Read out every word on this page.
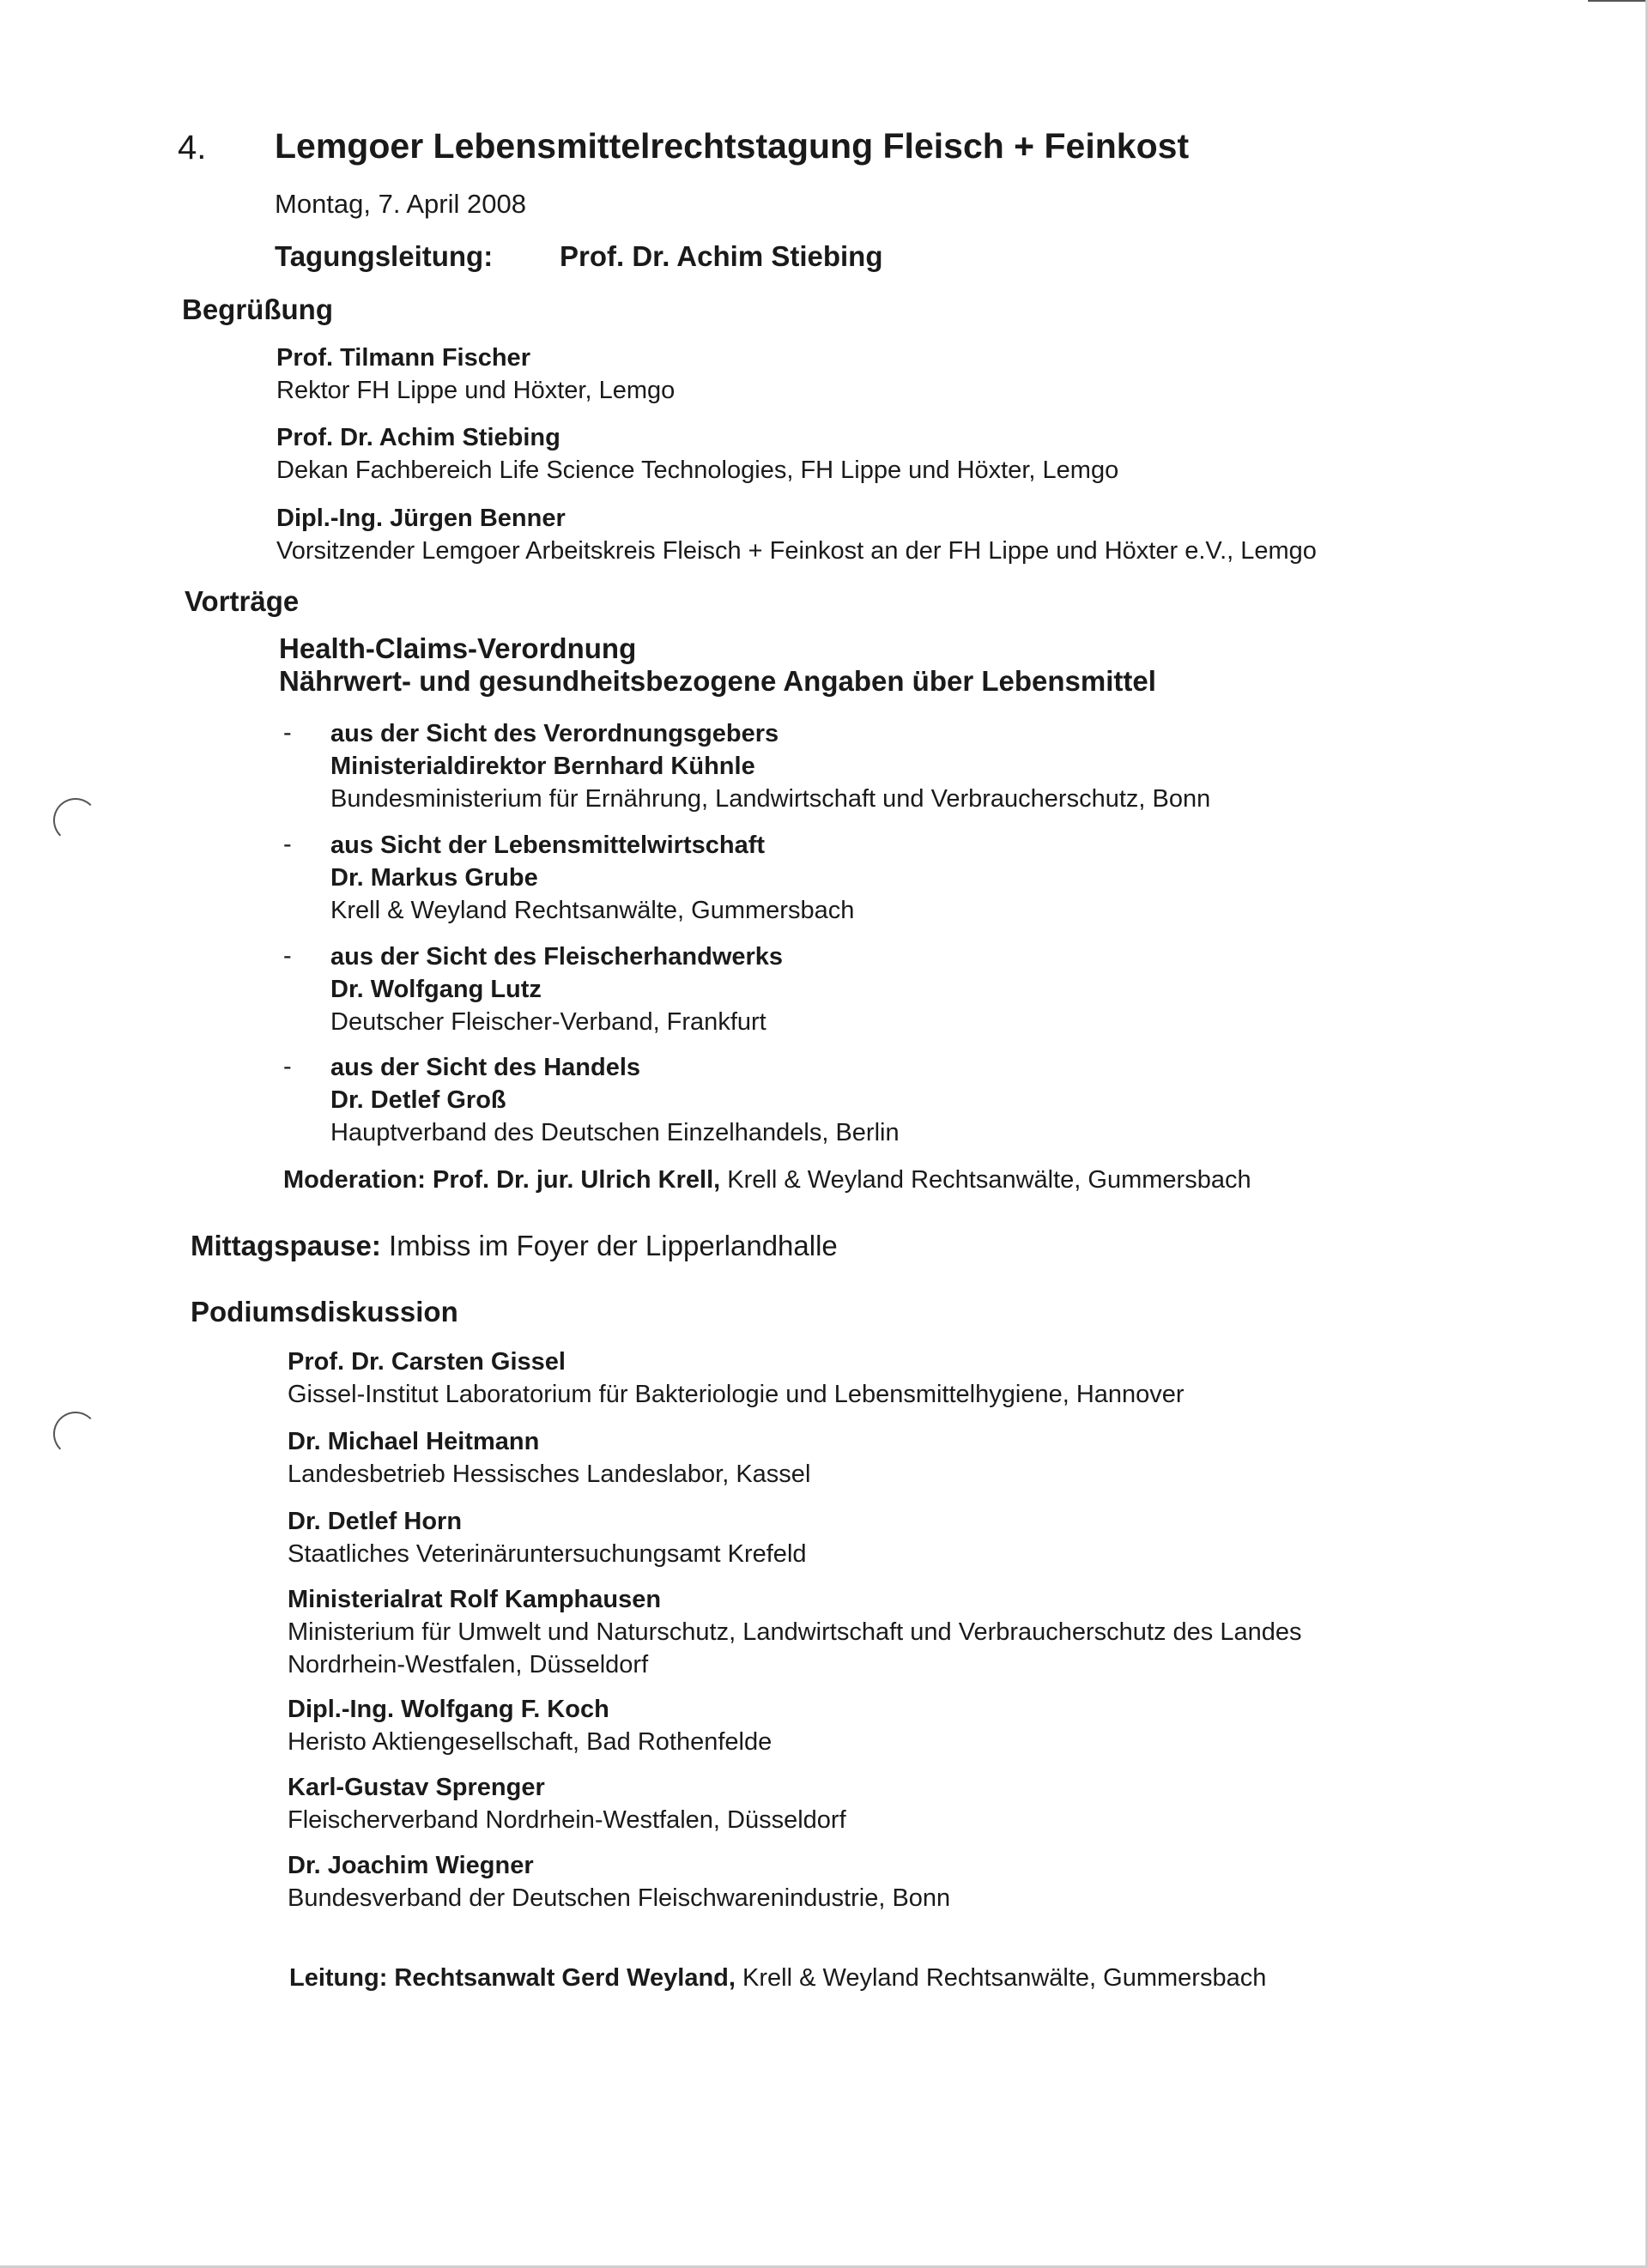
4. Lemgoer Lebensmittelrechtstagung Fleisch + Feinkost
Montag, 7. April 2008
Tagungsleitung: Prof. Dr. Achim Stiebing
Begrüßung
Prof. Tilmann Fischer
Rektor FH Lippe und Höxter, Lemgo
Prof. Dr. Achim Stiebing
Dekan Fachbereich Life Science Technologies, FH Lippe und Höxter, Lemgo
Dipl.-Ing. Jürgen Benner
Vorsitzender Lemgoer Arbeitskreis Fleisch + Feinkost an der FH Lippe und Höxter e.V., Lemgo
Vorträge
Health-Claims-Verordnung
Nährwert- und gesundheitsbezogene Angaben über Lebensmittel
- aus der Sicht des Verordnungsgebers
Ministerialdirektor Bernhard Kühnle
Bundesministerium für Ernährung, Landwirtschaft und Verbraucherschutz, Bonn
- aus Sicht der Lebensmittelwirtschaft
Dr. Markus Grube
Krell & Weyland Rechtsanwälte, Gummersbach
- aus der Sicht des Fleischerhandwerks
Dr. Wolfgang Lutz
Deutscher Fleischer-Verband, Frankfurt
- aus der Sicht des Handels
Dr. Detlef Groß
Hauptverband des Deutschen Einzelhandels, Berlin
Moderation: Prof. Dr. jur. Ulrich Krell, Krell & Weyland Rechtsanwälte, Gummersbach
Mittagspause: Imbiss im Foyer der Lipperlandhalle
Podiumsdiskussion
Prof. Dr. Carsten Gissel
Gissel-Institut Laboratorium für Bakteriologie und Lebensmittelhygiene, Hannover
Dr. Michael Heitmann
Landesbetrieb Hessisches Landeslabor, Kassel
Dr. Detlef Horn
Staatliches Veterinäruntersuchungsamt Krefeld
Ministerialrat Rolf Kamphausen
Ministerium für Umwelt und Naturschutz, Landwirtschaft und Verbraucherschutz des Landes
Nordrhein-Westfalen, Düsseldorf
Dipl.-Ing. Wolfgang F. Koch
Heristo Aktiengesellschaft, Bad Rothenfelde
Karl-Gustav Sprenger
Fleischerverband Nordrhein-Westfalen, Düsseldorf
Dr. Joachim Wiegner
Bundesverband der Deutschen Fleischwarenindustrie, Bonn
Leitung: Rechtsanwalt Gerd Weyland, Krell & Weyland Rechtsanwälte, Gummersbach
